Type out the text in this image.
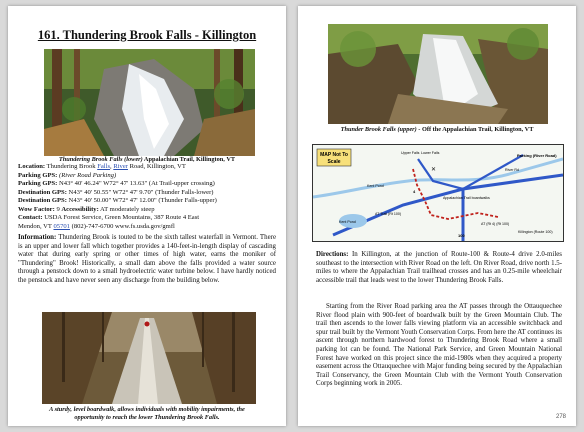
161. Thundering Brook Falls - Killington
Thundering Brook Falls (lower) Appalachian Trail, Killington, VT
Location: Thundering Brook Falls, River Road, Killington, VT
Parking GPS: (River Road Parking)
Parking GPS: N43° 40' 46.24" W72° 47' 13.63" (At Trail-upper crossing)
Destination GPS: N43° 40' 50.55" W72° 47' 9.70" (Thunder Falls-lower)
Destination GPS: N43° 40' 50.00" W72° 47' 12.00" (Thunder Falls-upper)
Wow Factor: 9 Accessibility: AT moderately steep
Contact: USDA Forest Service, Green Mountains, 387 Route 4 East
Mendon, VT 05701 (802)-747-6700 www.fs.usda.gov/gmfl
Information: Thundering Brook is touted to be the sixth tallest waterfall in Vermont. There is an upper and lower fall which together provides a 140-feet-in-length display of cascading water that during early spring or other times of high water, earns the moniker of "Thundering" Brook! Historically, a small dam above the falls provided a water source through a penstock down to a small hydroelectric water turbine below. I have hardly noticed the penstock and have never seen any discharge from the building below.
A sturdy, level boardwalk, allows individuals with mobility impairments, the opportunity to reach the lower Thundering Brook Falls.
Thunder Brook Falls (upper) - Off the Appalachian Trail, Killington, VT
MAP Not To
Scale
Upper Falls Lower Falls	Parking (River Road)
River Rd
Kent Pond
Kent Pond
Appalachian Trail boardwalks
AT Trail (Rt 100)
AT (Rt 4) (Rt 100)
4
100
Killington (Route 100)
✕
Directions: In Killington, at the junction of Route-100 & Route-4 drive 2.0-miles southeast to the intersection with River Road on the left. On River Road, drive north 1.5-miles to where the Appalachian Trail trailhead crosses and has an 0.25-mile wheelchair accessible trail that leads west to the lower Thundering Brook Falls.
Starting from the River Road parking area the AT passes through the Ottauquechee River flood plain with 900-feet of boardwalk built by the Green Mountain Club. The trail then ascends to the lower falls viewing platform via an accessible switchback and spur trail built by the Vermont Youth Conservation Corps. From here the AT continues its ascent through northern hardwood forest to Thundering Brook Road where a small parking lot can be found. The National Park Service, and Green Mountain National Forest have worked on this project since the mid-1980s when they acquired a property easement across the Ottauquechee with Major funding being secured by the Appalachian Trail Conservancy, the Green Mountain Club with the Vermont Youth Conservation Corps beginning work in 2005.
278
